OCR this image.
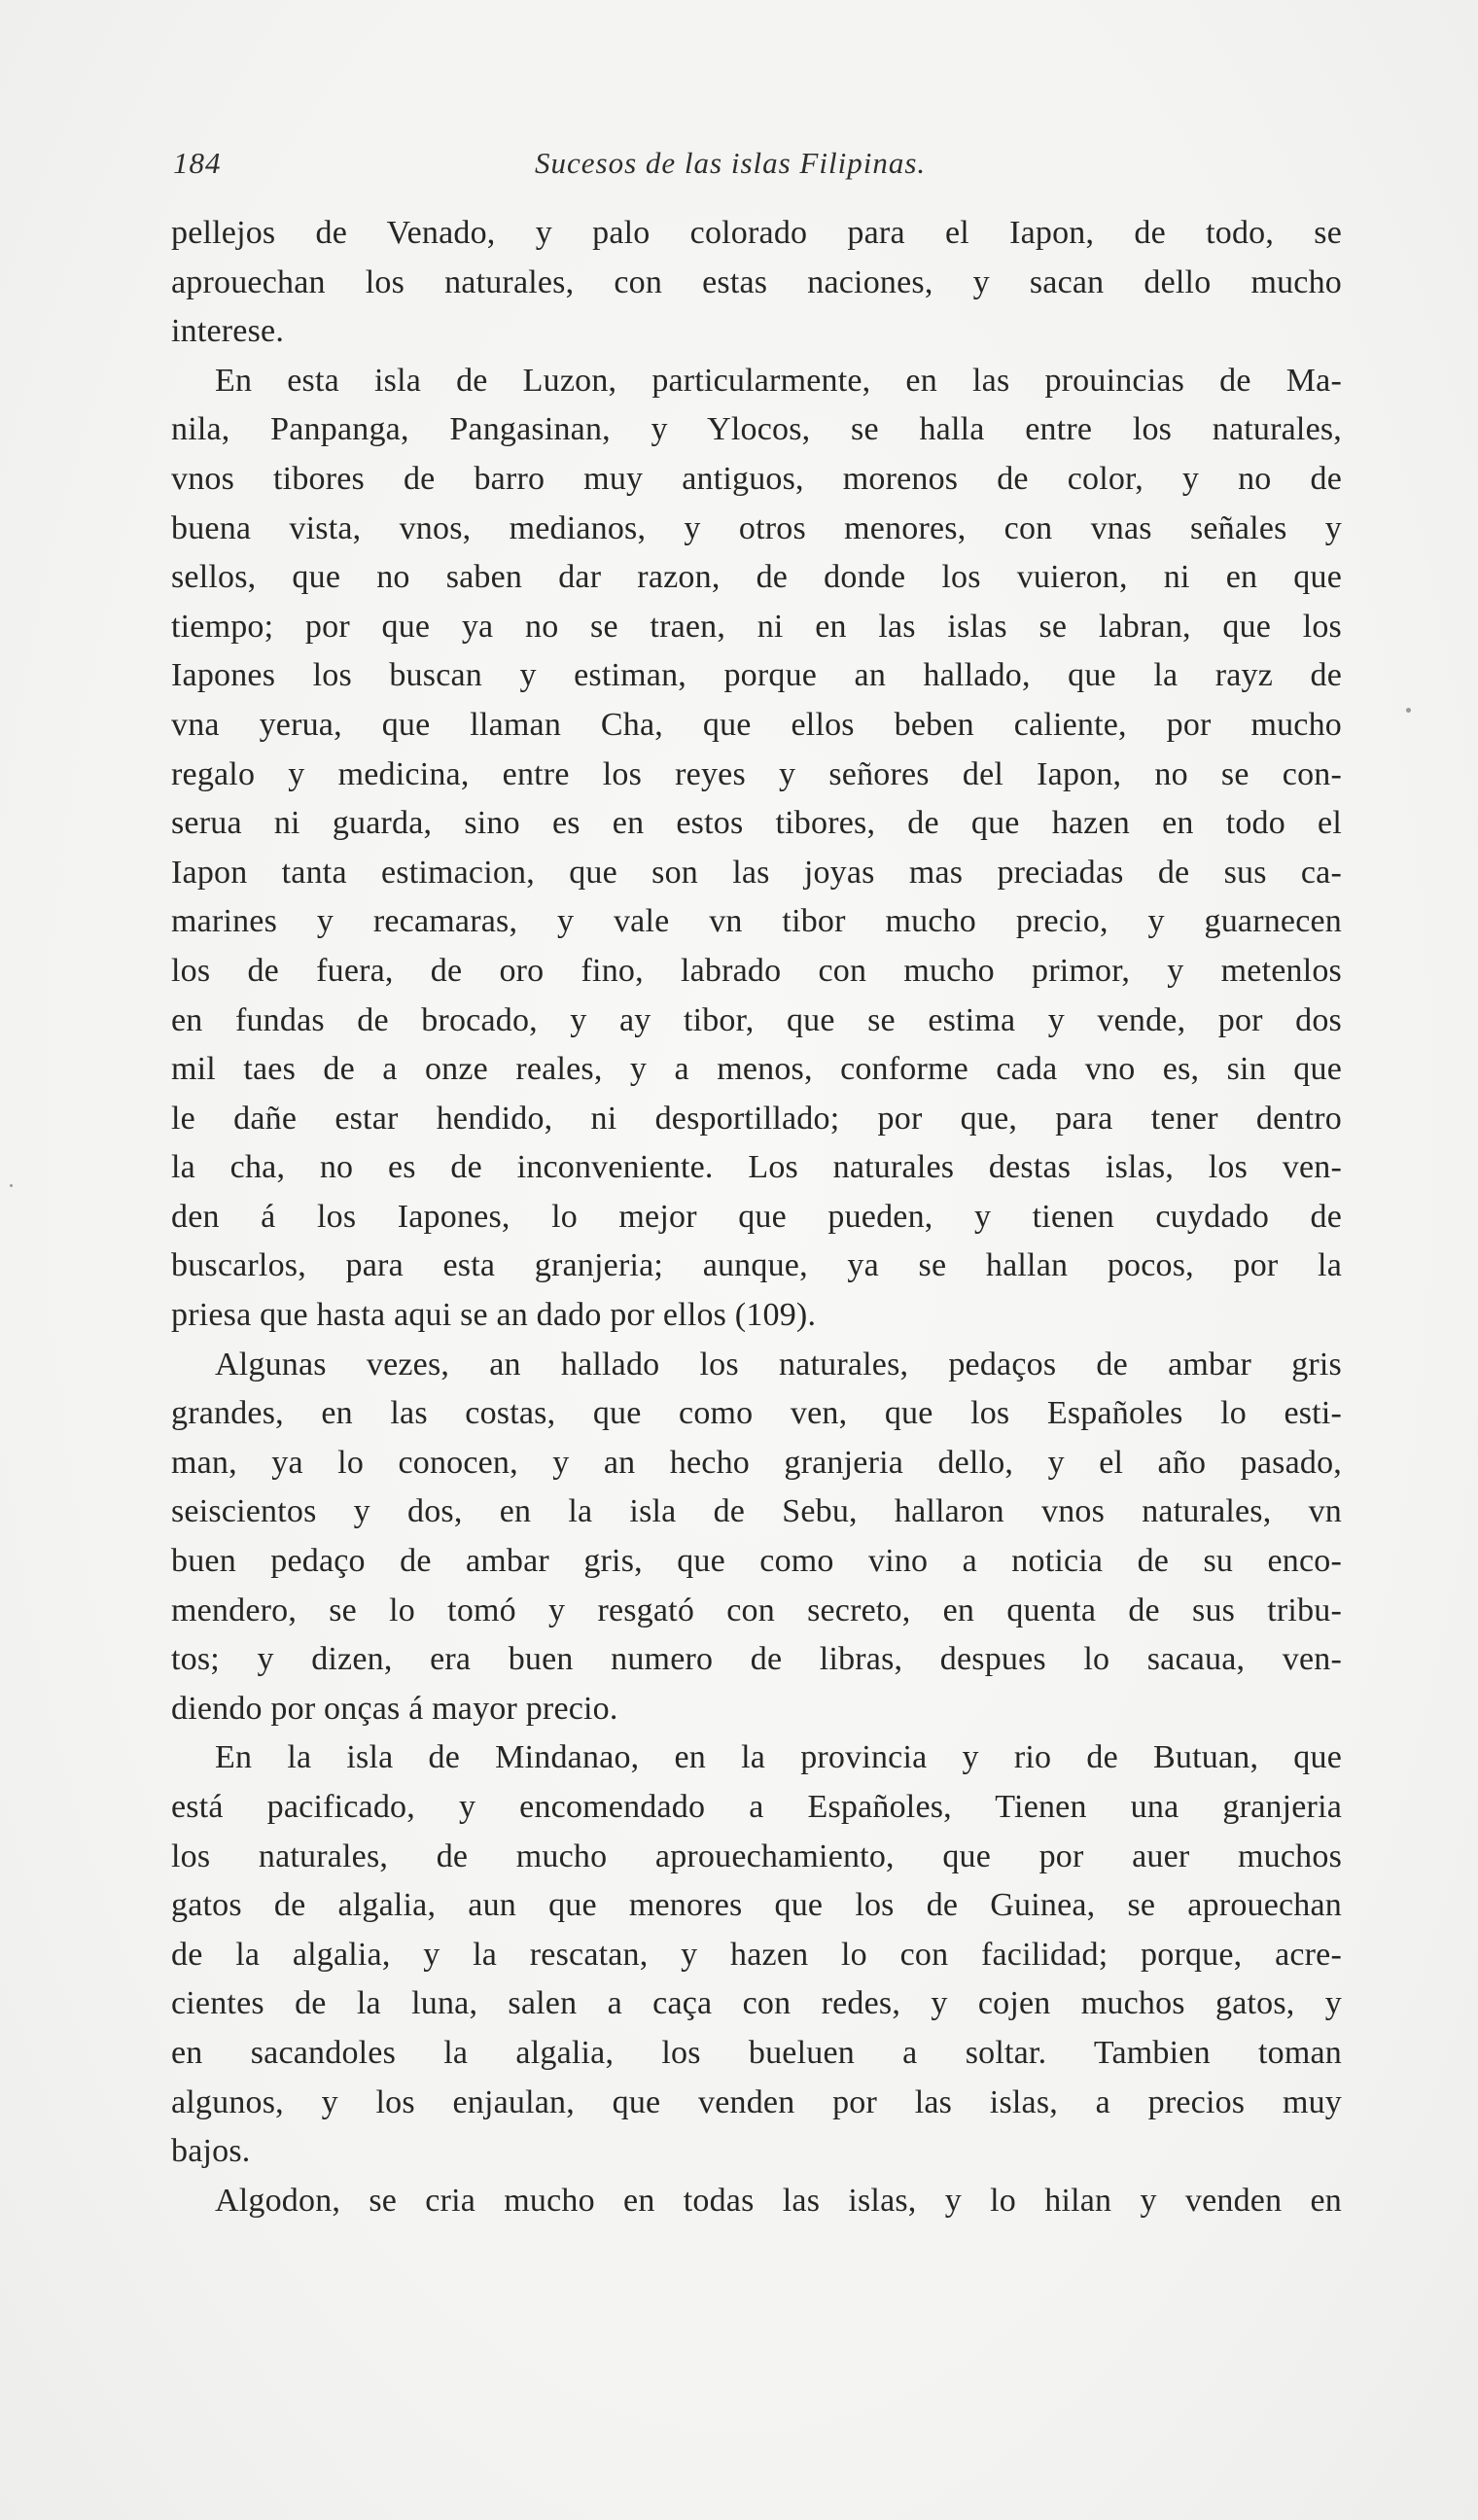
184	Sucesos de las islas Filipinas.
pellejos de Venado, y palo colorado para el Iapon, de todo, se
aprouechan los naturales, con estas naciones, y sacan dello mucho
interese.
En esta isla de Luzon, particularmente, en las prouincias de Ma-
nila, Panpanga, Pangasinan, y Ylocos, se halla entre los naturales,
vnos tibores de barro muy antiguos, morenos de color, y no de
buena vista, vnos, medianos, y otros menores, con vnas señales y
sellos, que no saben dar razon, de donde los vuieron, ni en que
tiempo; por que ya no se traen, ni en las islas se labran, que los
Iapones los buscan y estiman, porque an hallado, que la rayz de
vna yerua, que llaman Cha, que ellos beben caliente, por mucho
regalo y medicina, entre los reyes y señores del Iapon, no se con-
serua ni guarda, sino es en estos tibores, de que hazen en todo el
Iapon tanta estimacion, que son las joyas mas preciadas de sus ca-
marines y recamaras, y vale vn tibor mucho precio, y guarnecen
los de fuera, de oro fino, labrado con mucho primor, y metenlos
en fundas de brocado, y ay tibor, que se estima y vende, por dos
mil taes de a onze reales, y a menos, conforme cada vno es, sin que
le dañe estar hendido, ni desportillado; por que, para tener dentro
la cha, no es de inconveniente. Los naturales destas islas, los ven-
den á los Iapones, lo mejor que pueden, y tienen cuydado de
buscarlos, para esta granjeria; aunque, ya se hallan pocos, por la
priesa que hasta aqui se an dado por ellos (109).
Algunas vezes, an hallado los naturales, pedaços de ambar gris
grandes, en las costas, que como ven, que los Españoles lo esti-
man, ya lo conocen, y an hecho granjeria dello, y el año pasado,
seiscientos y dos, en la isla de Sebu, hallaron vnos naturales, vn
buen pedaço de ambar gris, que como vino a noticia de su enco-
mendero, se lo tomó y resgató con secreto, en quenta de sus tribu-
tos; y dizen, era buen numero de libras, despues lo sacaua, ven-
diendo por onças á mayor precio.
En la isla de Mindanao, en la provincia y rio de Butuan, que
está pacificado, y encomendado a Españoles, Tienen una granjeria
los naturales, de mucho aprouechamiento, que por auer muchos
gatos de algalia, aun que menores que los de Guinea, se aprouechan
de la algalia, y la rescatan, y hazen lo con facilidad; porque, acre-
cientes de la luna, salen a caça con redes, y cojen muchos gatos, y
en sacandoles la algalia, los bueluen a soltar. Tambien toman
algunos, y los enjaulan, que venden por las islas, a precios muy
bajos.
Algodon, se cria mucho en todas las islas, y lo hilan y venden en
